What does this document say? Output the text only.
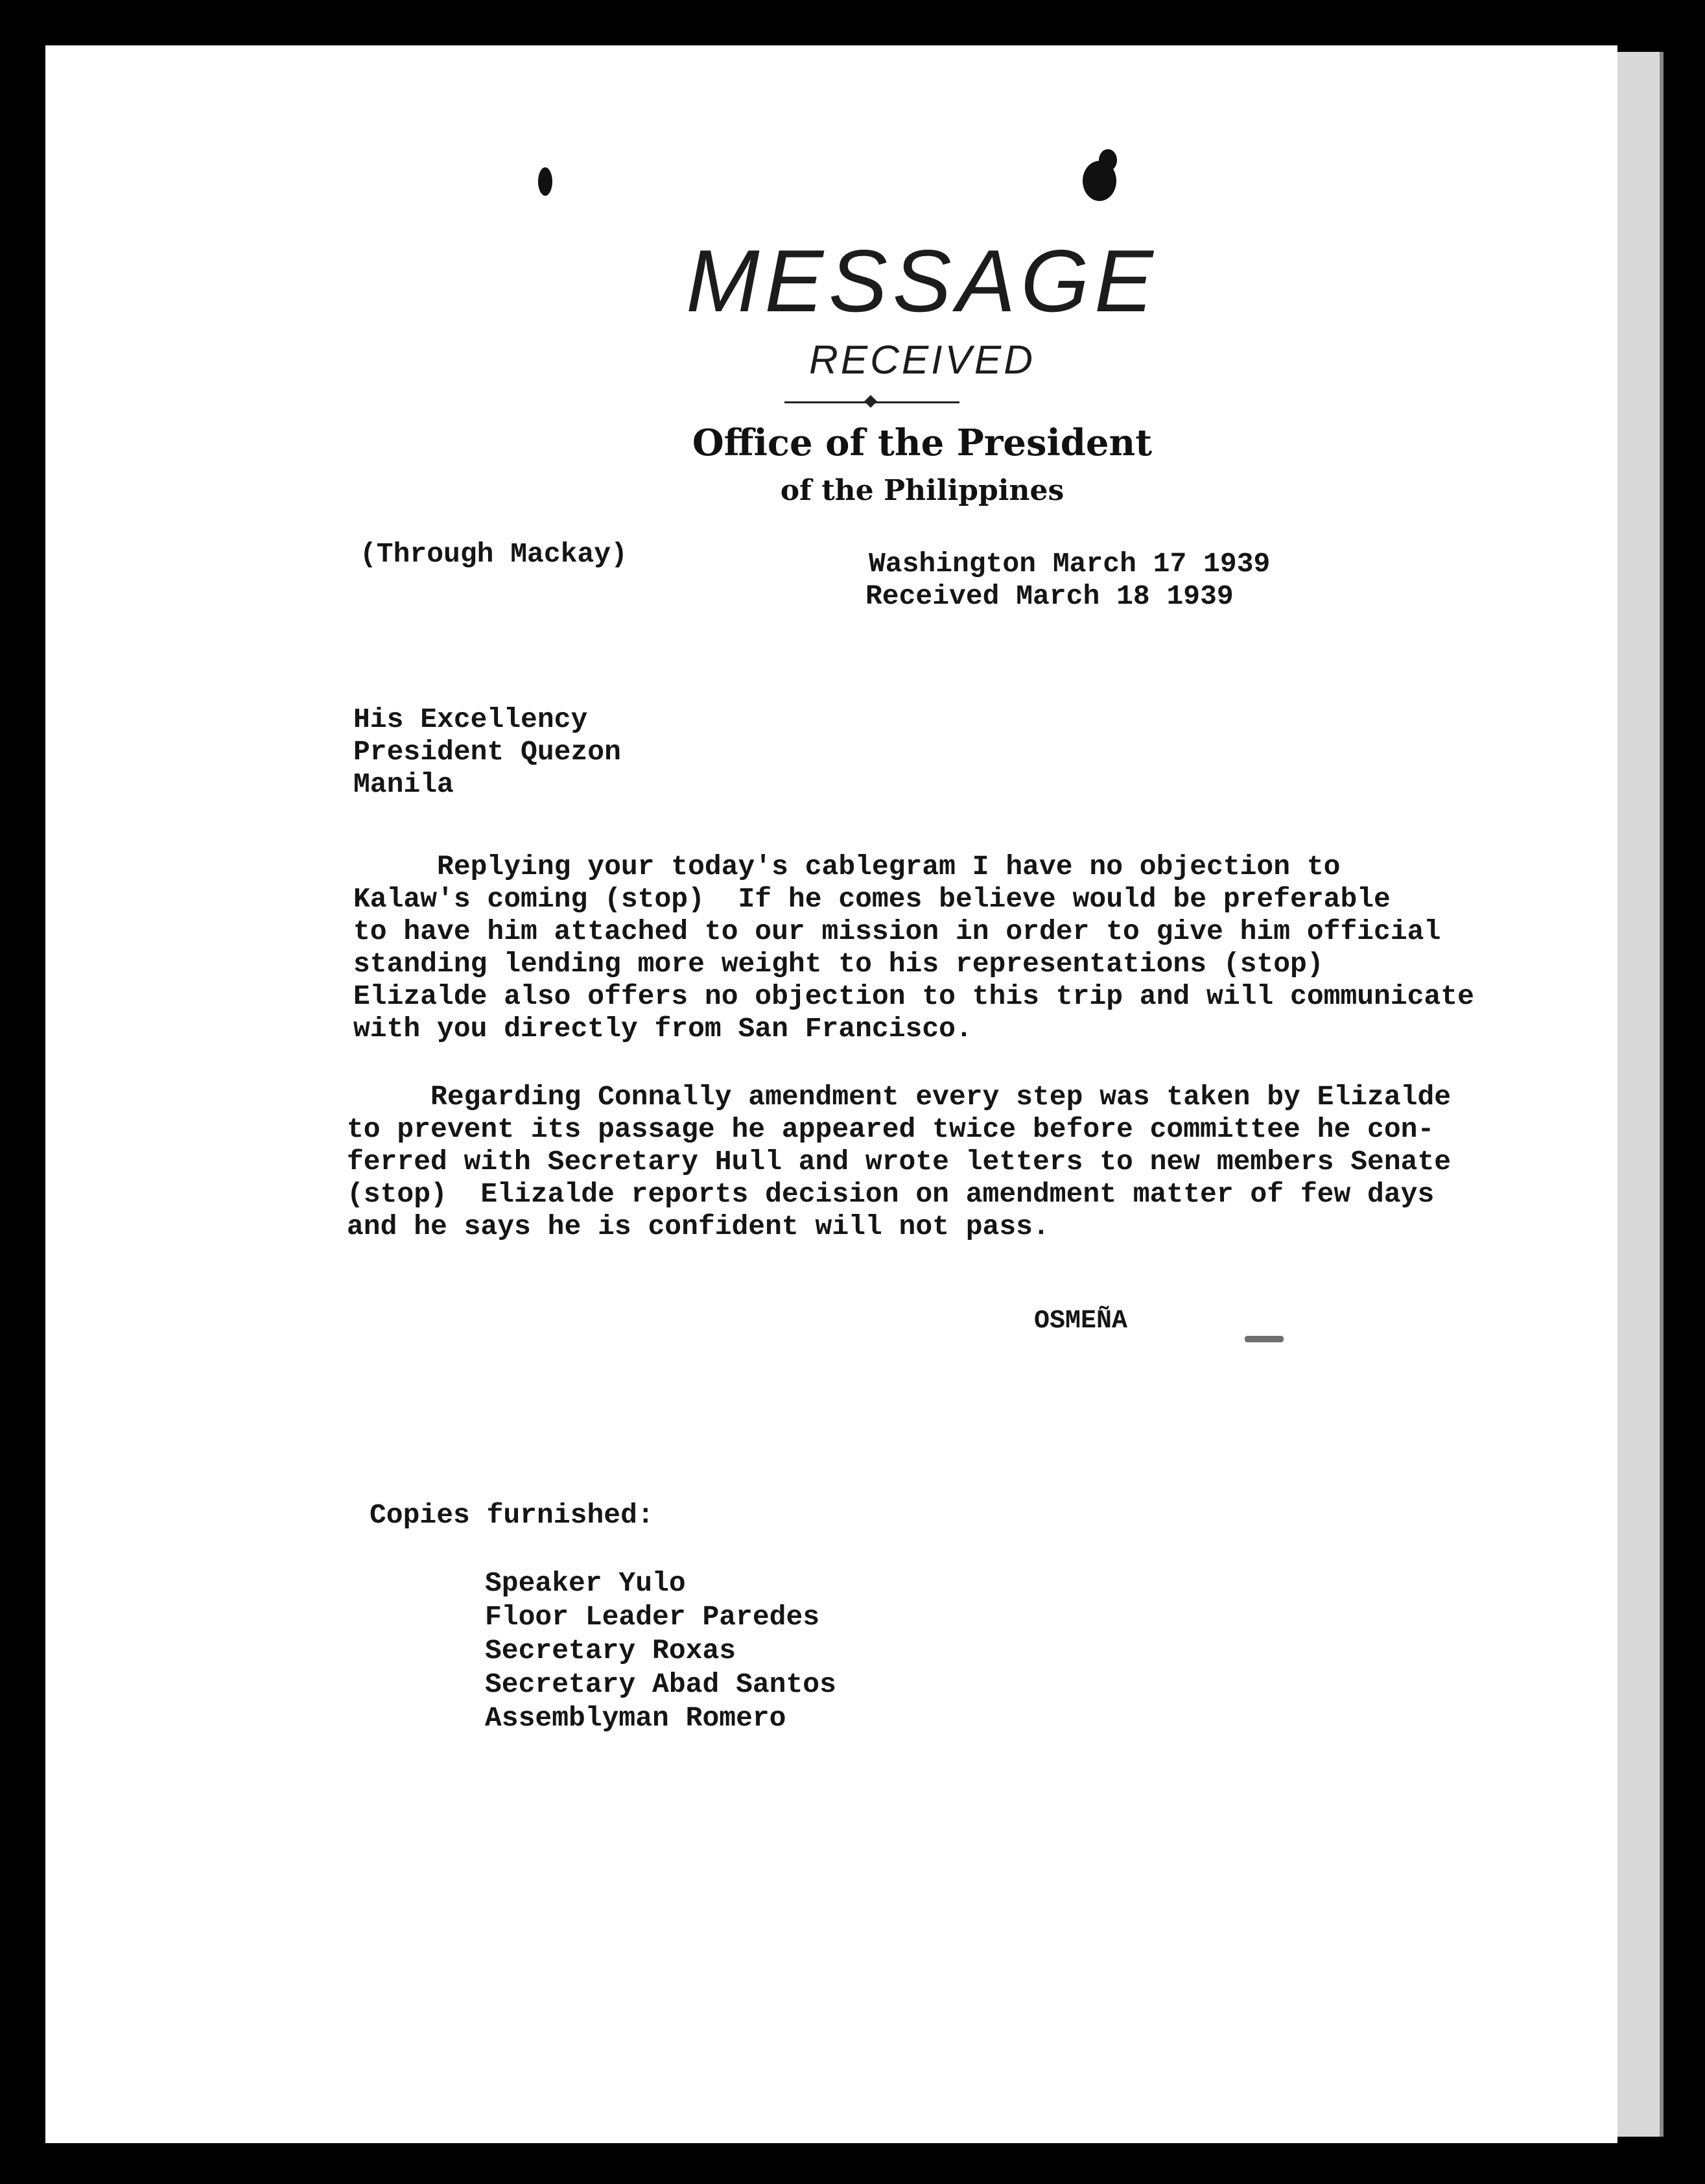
MESSAGE
RECEIVED
Office of the President
of the Philippines
(Through Mackay)	Washington March 17 1939
Received March 18 1939
His Excellency
President Quezon
Manila
Replying your today's cablegram I have no objection to
Kalaw's coming (stop)  If he comes believe would be preferable
to have him attached to our mission in order to give him official
standing lending more weight to his representations (stop)
Elizalde also offers no objection to this trip and will communicate
with you directly from San Francisco.
Regarding Connally amendment every step was taken by Elizalde
to prevent its passage he appeared twice before committee he con-
ferred with Secretary Hull and wrote letters to new members Senate
(stop)  Elizalde reports decision on amendment matter of few days
and he says he is confident will not pass.
OSMEÑA
Copies furnished:
Speaker Yulo
Floor Leader Paredes
Secretary Roxas
Secretary Abad Santos
Assemblyman Romero
